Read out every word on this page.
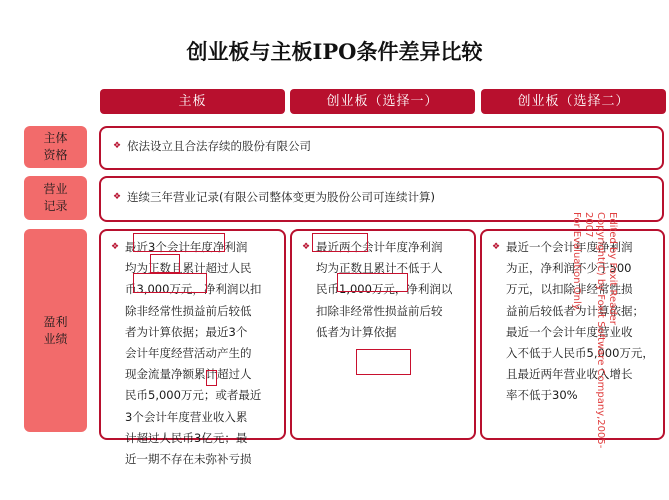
创业板与主板IPO条件差异比较
主板	创业板（选择一）	创业板（选择二）
主体
资格
❖ 依法设立且合法存续的股份有限公司
营业
记录
❖ 连续三年营业记录(有限公司整体变更为股份公司可连续计算)
盈利
业绩
❖ 最近3个会计年度净利润
均为正数且累计超过人民
币3,000万元，净利润以扣
除非经常性损益前后较低
者为计算依据；最近3个
会计年度经营活动产生的
现金流量净额累计超过人
民币5,000万元；或者最近
3个会计年度营业收入累
计超过人民币3亿元；最
近一期不存在未弥补亏损
❖ 最近两个会计年度净利润
均为正数且累计不低于人
民币1,000万元，净利润以
扣除非经常性损益前后较
低者为计算依据
❖ 最近一个会计年度净利润
为正，净利润不少于500
万元，以扣除非经常性损
益前后较低者为计算依据；
最近一个会计年度营业收
入不低于人民币5,000万元，
且最近两年营业收入增长
率不低于30%
Edited by Foxit Reader
Copyright(C) by Foxit Software Company,2005-2007
For Evaluation Only.
